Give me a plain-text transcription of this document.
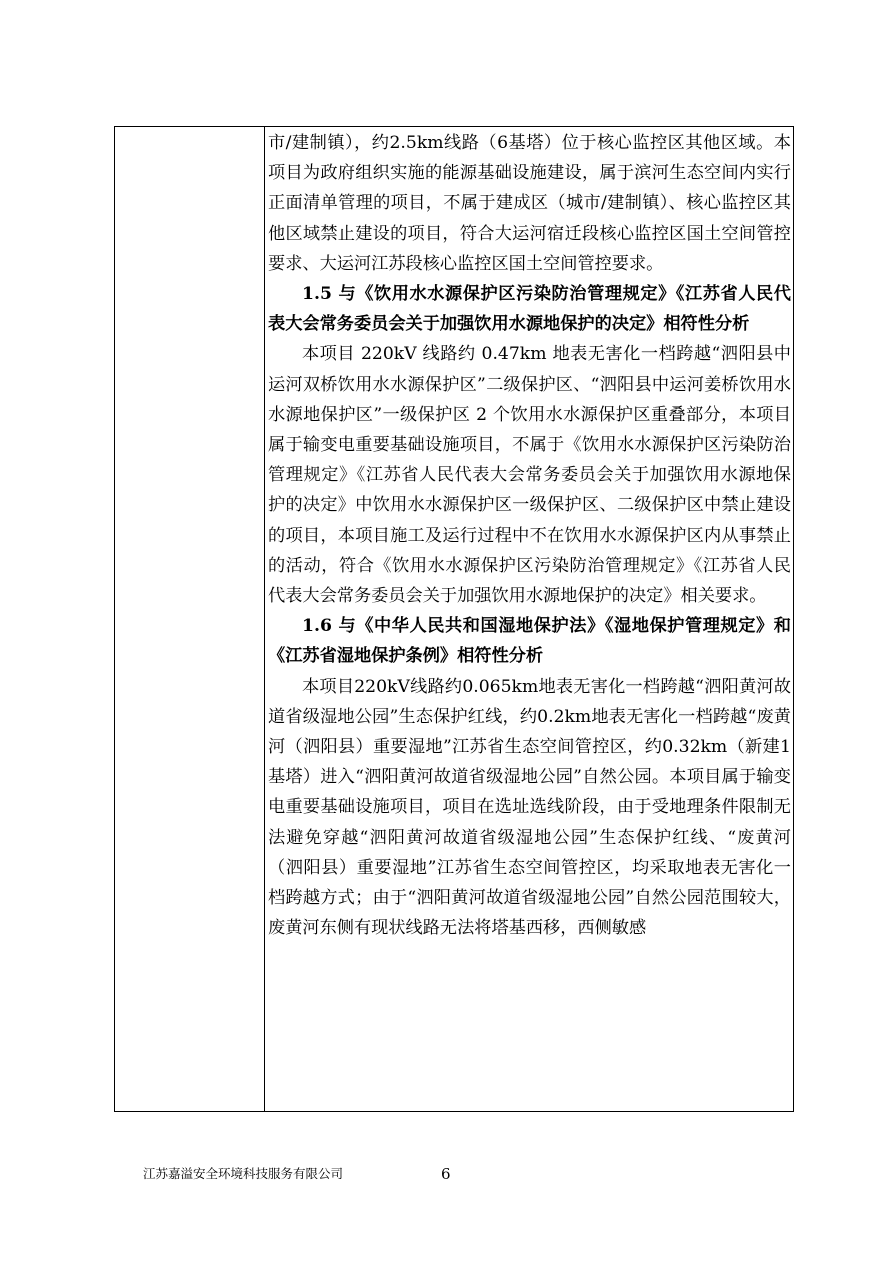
市/建制镇），约2.5km线路（6基塔）位于核心监控区其他区域。本项目为政府组织实施的能源基础设施建设，属于滨河生态空间内实行正面清单管理的项目，不属于建成区（城市/建制镇）、核心监控区其他区域禁止建设的项目，符合大运河宿迁段核心监控区国土空间管控要求、大运河江苏段核心监控区国土空间管控要求。

1.5 与《饮用水水源保护区污染防治管理规定》《江苏省人民代表大会常务委员会关于加强饮用水源地保护的决定》相符性分析

本项目 220kV 线路约 0.47km 地表无害化一档跨越“泗阳县中运河双桥饮用水水源保护区”二级保护区、“泗阳县中运河姜桥饮用水水源地保护区”一级保护区 2 个饮用水水源保护区重叠部分，本项目属于输变电重要基础设施项目，不属于《饮用水水源保护区污染防治管理规定》《江苏省人民代表大会常务委员会关于加强饮用水源地保护的决定》中饮用水水源保护区一级保护区、二级保护区中禁止建设的项目，本项目施工及运行过程中不在饮用水水源保护区内从事禁止的活动，符合《饮用水水源保护区污染防治管理规定》《江苏省人民代表大会常务委员会关于加强饮用水源地保护的决定》相关要求。

1.6 与《中华人民共和国湿地保护法》《湿地保护管理规定》和《江苏省湿地保护条例》相符性分析

本项目220kV线路约0.065km地表无害化一档跨越“泗阳黄河故道省级湿地公园”生态保护红线，约0.2km地表无害化一档跨越“废黄河（泗阳县）重要湿地”江苏省生态空间管控区，约0.32km（新建1基塔）进入“泗阳黄河故道省级湿地公园”自然公园。本项目属于输变电重要基础设施项目，项目在选址选线阶段，由于受地理条件限制无法避免穿越“泗阳黄河故道省级湿地公园”生态保护红线、“废黄河（泗阳县）重要湿地”江苏省生态空间管控区，均采取地表无害化一档跨越方式；由于“泗阳黄河故道省级湿地公园”自然公园范围较大，废黄河东侧有现状线路无法将塔基西移，西侧敏感

江苏嘉溢安全环境科技服务有限公司	6
